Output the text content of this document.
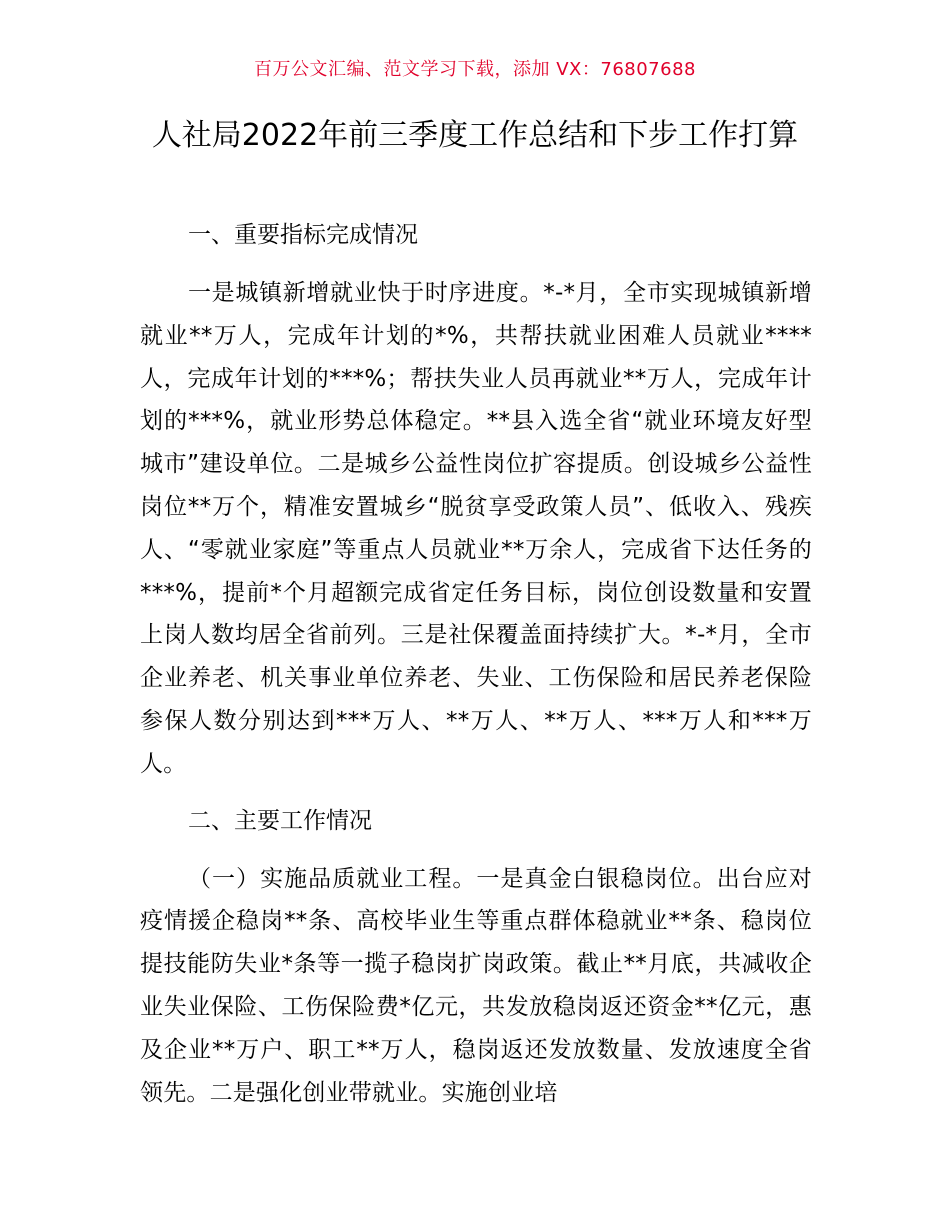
百万公文汇编、范文学习下载，添加 VX：76807688
人社局2022年前三季度工作总结和下步工作打算

一、重要指标完成情况

一是城镇新增就业快于时序进度。*-*月，全市实现城镇新增就业**万人，完成年计划的*%，共帮扶就业困难人员就业****人，完成年计划的***%；帮扶失业人员再就业**万人，完成年计划的***%，就业形势总体稳定。**县入选全省“就业环境友好型城市”建设单位。二是城乡公益性岗位扩容提质。创设城乡公益性岗位**万个，精准安置城乡“脱贫享受政策人员”、低收入、残疾人、“零就业家庭”等重点人员就业**万余人，完成省下达任务的***%，提前*个月超额完成省定任务目标，岗位创设数量和安置上岗人数均居全省前列。三是社保覆盖面持续扩大。*-*月，全市企业养老、机关事业单位养老、失业、工伤保险和居民养老保险参保人数分别达到***万人、**万人、**万人、***万人和***万人。

二、主要工作情况

（一）实施品质就业工程。一是真金白银稳岗位。出台应对疫情援企稳岗**条、高校毕业生等重点群体稳就业**条、稳岗位提技能防失业*条等一揽子稳岗扩岗政策。截止**月底，共减收企业失业保险、工伤保险费*亿元，共发放稳岗返还资金**亿元，惠及企业**万户、职工**万人，稳岗返还发放数量、发放速度全省领先。二是强化创业带就业。实施创业培
